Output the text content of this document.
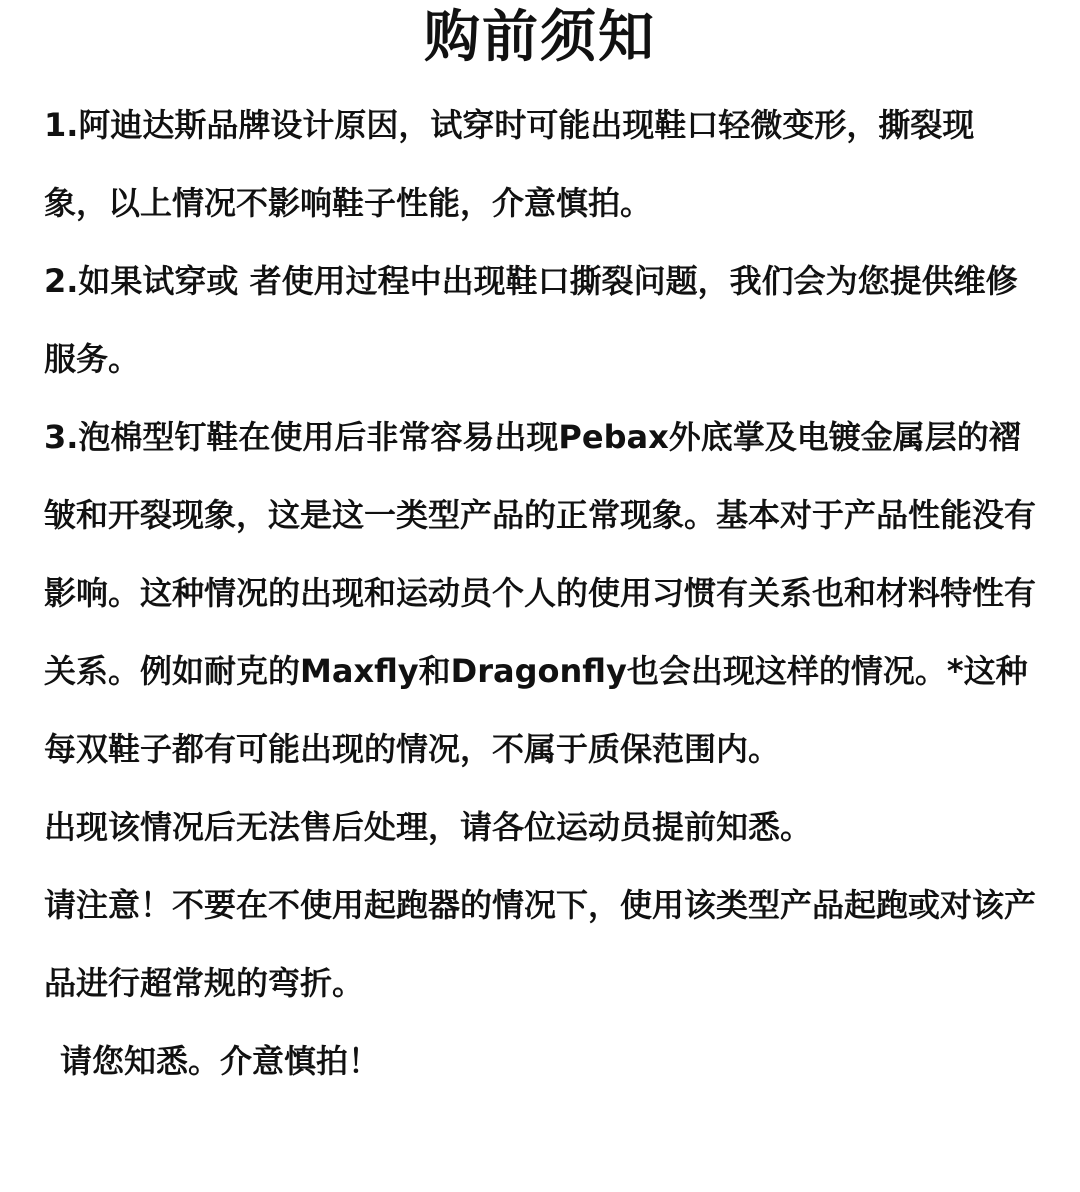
购前须知

1.阿迪达斯品牌设计原因，试穿时可能出现鞋口轻微变形，撕裂现象，以上情况不影响鞋子性能，介意慎拍。

2.如果试穿或 者使用过程中出现鞋口撕裂问题，我们会为您提供维修服务。

3.泡棉型钉鞋在使用后非常容易出现Pebax外底掌及电镀金属层的褶皱和开裂现象，这是这一类型产品的正常现象。基本对于产品性能没有影响。这种情况的出现和运动员个人的使用习惯有关系也和材料特性有关系。例如耐克的Maxfly和Dragonfly也会出现这样的情况。*这种每双鞋子都有可能出现的情况，不属于质保范围内。

出现该情况后无法售后处理，请各位运动员提前知悉。

请注意！不要在不使用起跑器的情况下，使用该类型产品起跑或对该产品进行超常规的弯折。

请您知悉。介意慎拍！
